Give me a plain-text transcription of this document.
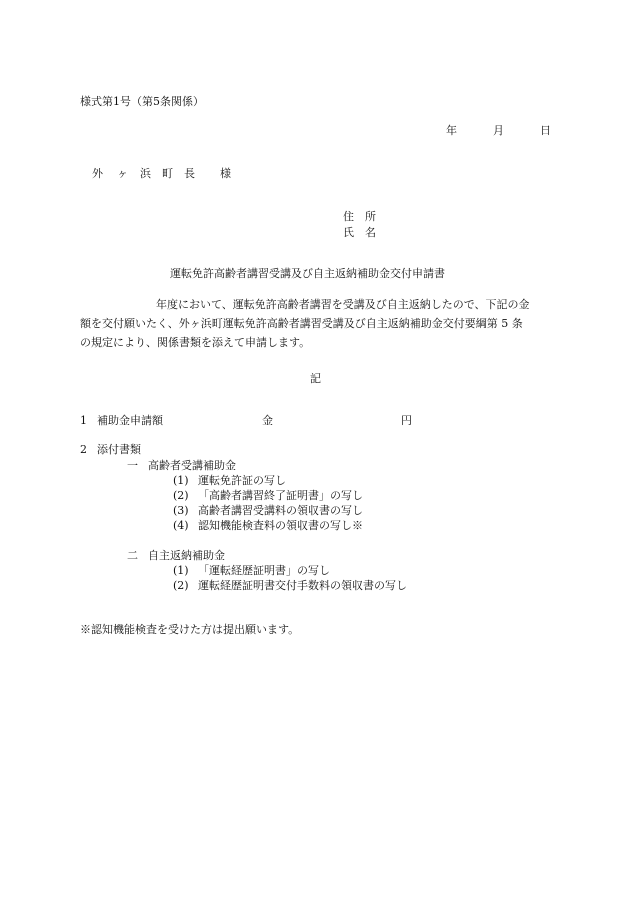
様式第1号（第5条関係）
年	月	日
外 ヶ 浜 町 長 様
住　所
氏　名
運転免許高齢者講習受講及び自主返納補助金交付申請書
年度において、運転免許高齢者講習を受講及び自主返納したので、下記の金
額を交付願いたく、外ヶ浜町運転免許高齢者講習受講及び自主返納補助金交付要綱第 5 条
の規定により、関係書類を添えて申請します。
記
1 補助金申請額	金	円
2 添付書類
一 高齢者受講補助金
(1) 運転免許証の写し
(2) 「高齢者講習終了証明書」の写し
(3) 高齢者講習受講料の領収書の写し
(4) 認知機能検査料の領収書の写し※
二 自主返納補助金
(1) 「運転経歴証明書」の写し
(2) 運転経歴証明書交付手数料の領収書の写し
※認知機能検査を受けた方は提出願います。
